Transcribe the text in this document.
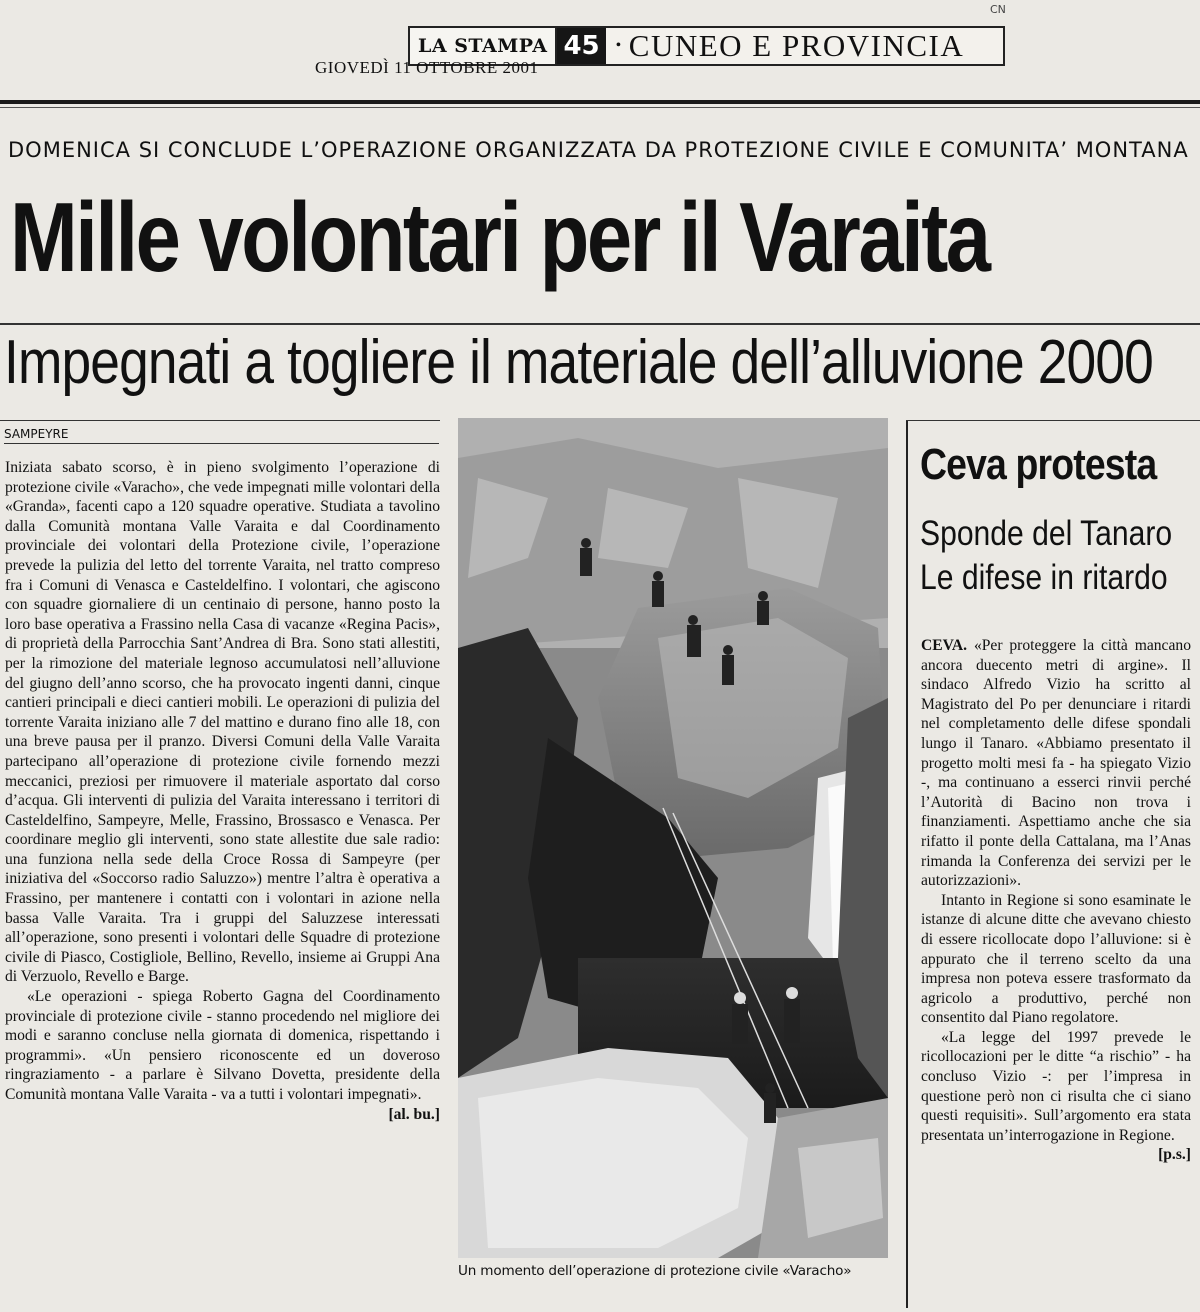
CN
LA STAMPA 45	• CUNEO E PROVINCIA
GIOVEDÌ 11 OTTOBRE 2001
DOMENICA SI CONCLUDE L’OPERAZIONE ORGANIZZATA DA PROTEZIONE CIVILE E COMUNITA’ MONTANA
Mille volontari per il Varaita
Impegnati a togliere il materiale dell’alluvione 2000
SAMPEYRE

Iniziata sabato scorso, è in pieno svolgimento l’operazione di protezione civile «Varacho», che vede impegnati mille volontari della «Granda», facenti capo a 120 squadre operative. Studiata a tavolino dalla Comunità montana Valle Varaita e dal Coordinamento provinciale dei volontari della Protezione civile, l’operazione prevede la pulizia del letto del torrente Varaita, nel tratto compreso fra i Comuni di Venasca e Casteldelfino. I volontari, che agiscono con squadre giornaliere di un centinaio di persone, hanno posto la loro base operativa a Frassino nella Casa di vacanze «Regina Pacis», di proprietà della Parrocchia Sant’Andrea di Bra. Sono stati allestiti, per la rimozione del materiale legnoso accumulatosi nell’alluvione del giugno dell’anno scorso, che ha provocato ingenti danni, cinque cantieri principali e dieci cantieri mobili. Le operazioni di pulizia del torrente Varaita iniziano alle 7 del mattino e durano fino alle 18, con una breve pausa per il pranzo. Diversi Comuni della Valle Varaita partecipano all’operazione di protezione civile fornendo mezzi meccanici, preziosi per rimuovere il materiale asportato dal corso d’acqua. Gli interventi di pulizia del Varaita interessano i territori di Casteldelfino, Sampeyre, Melle, Frassino, Brossasco e Venasca. Per coordinare meglio gli interventi, sono state allestite due sale radio: una funziona nella sede della Croce Rossa di Sampeyre (per iniziativa del «Soccorso radio Saluzzo») mentre l’altra è operativa a Frassino, per mantenere i contatti con i volontari in azione nella bassa Valle Varaita. Tra i gruppi del Saluzzese interessati all’operazione, sono presenti i volontari delle Squadre di protezione civile di Piasco, Costigliole, Bellino, Revello, insieme ai Gruppi Ana di Verzuolo, Revello e Barge.

«Le operazioni - spiega Roberto Gagna del Coordinamento provinciale di protezione civile - stanno procedendo nel migliore dei modi e saranno concluse nella giornata di domenica, rispettando i programmi». «Un pensiero riconoscente ed un doveroso ringraziamento - a parlare è Silvano Dovetta, presidente della Comunità montana Valle Varaita - va a tutti i volontari impegnati».
[al. bu.]

Un momento dell’operazione di protezione civile «Varacho»
Ceva protesta
Sponde del Tanaro
Le difese in ritardo

CEVA. «Per proteggere la città mancano ancora duecento metri di argine». Il sindaco Alfredo Vizio ha scritto al Magistrato del Po per denunciare i ritardi nel completamento delle difese spondali lungo il Tanaro. «Abbiamo presentato il progetto molti mesi fa - ha spiegato Vizio -, ma continuano a esserci rinvii perché l’Autorità di Bacino non trova i finanziamenti. Aspettiamo anche che sia rifatto il ponte della Cattalana, ma l’Anas rimanda la Conferenza dei servizi per le autorizzazioni».

Intanto in Regione si sono esaminate le istanze di alcune ditte che avevano chiesto di essere ricollocate dopo l’alluvione: si è appurato che il terreno scelto da una impresa non poteva essere trasformato da agricolo a produttivo, perché non consentito dal Piano regolatore.

«La legge del 1997 prevede le ricollocazioni per le ditte “a rischio” - ha concluso Vizio -: per l’impresa in questione però non ci risulta che ci siano questi requisiti». Sull’argomento era stata presentata un’interrogazione in Regione.
[p.s.]
